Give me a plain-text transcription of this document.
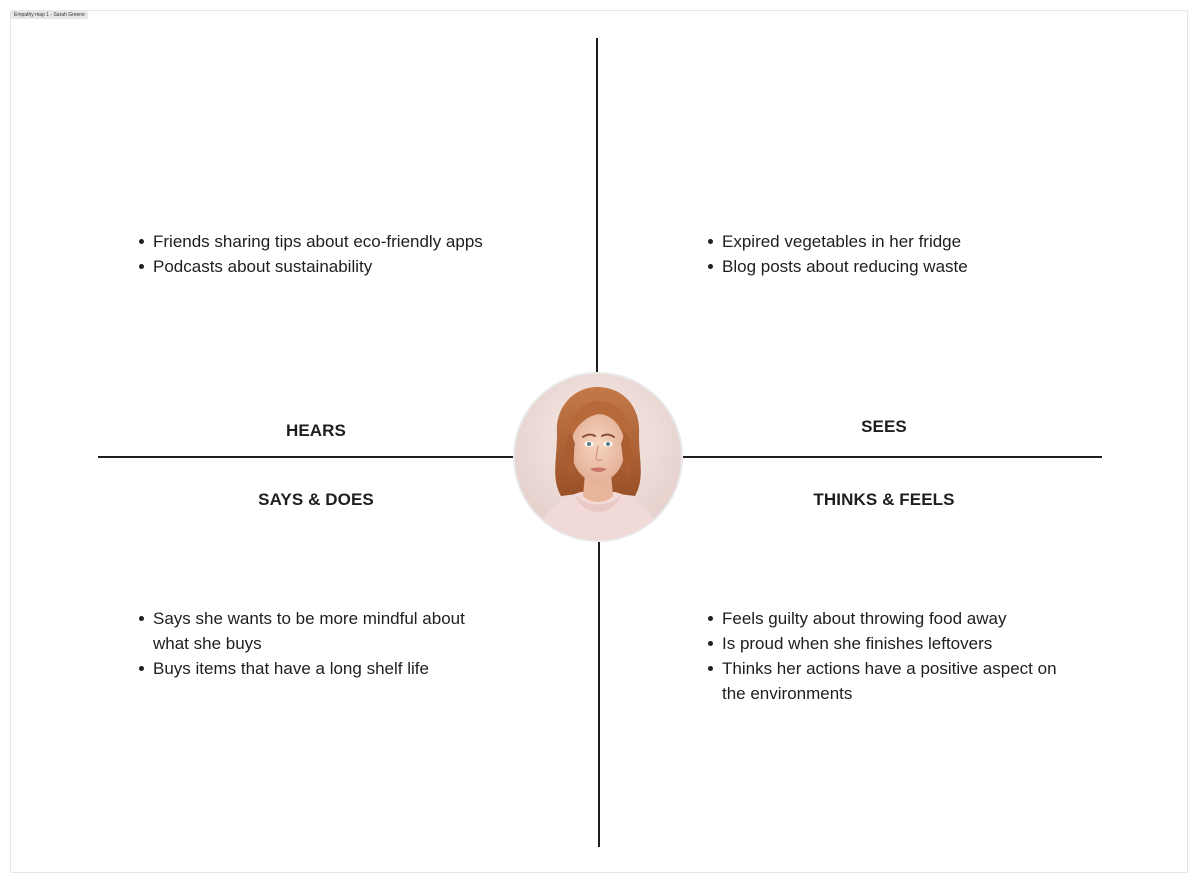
Empathy map 1 - Sarah Greene
HEARS	SEES
SAYS & DOES	THINKS & FEELS
Friends sharing tips about eco-friendly apps
Podcasts about sustainability
Expired vegetables in her fridge
Blog posts about reducing waste
Says she wants to be more mindful about what she buys
Buys items that have a long shelf life
Feels guilty about throwing food away
Is proud when she finishes leftovers
Thinks her actions have a positive aspect on the environments
